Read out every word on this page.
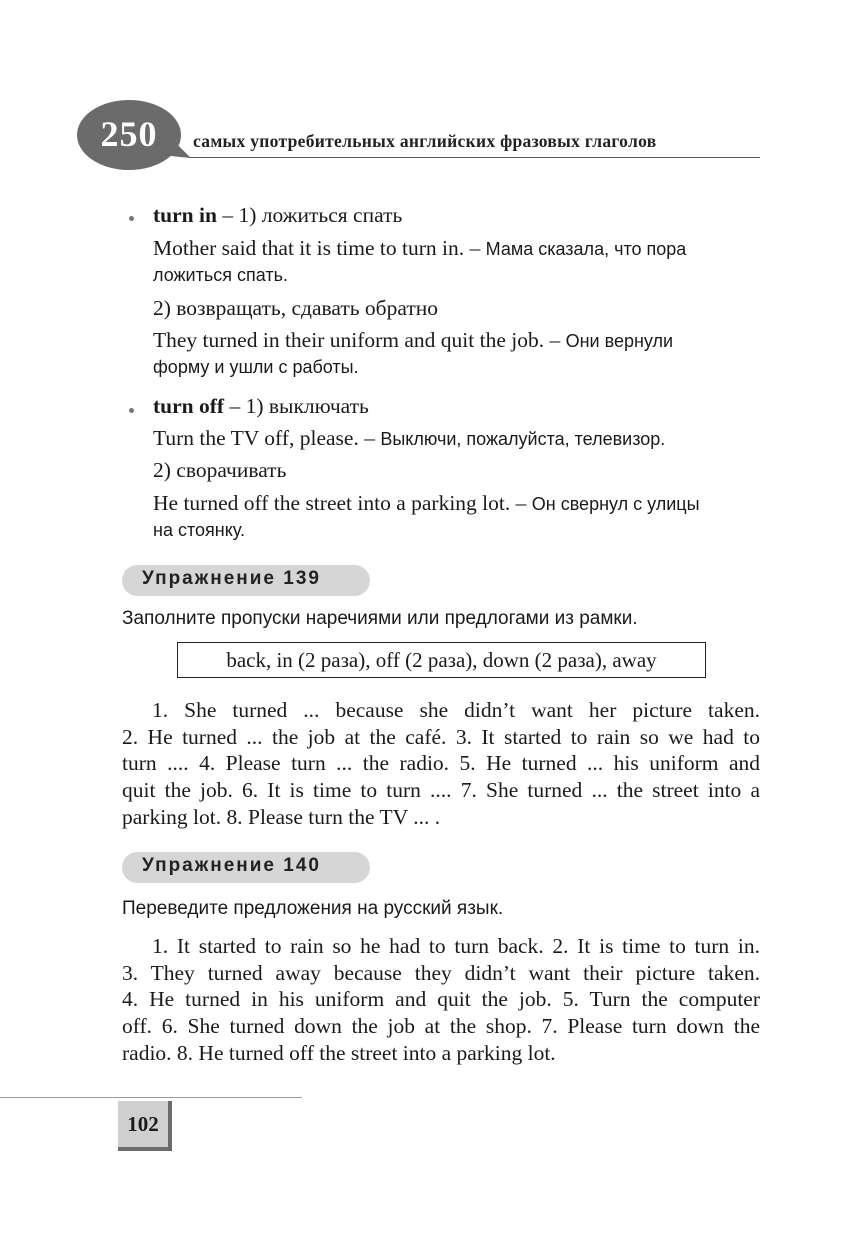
250	самых употребительных английских фразовых глаголов
turn in – 1) ложиться спать
Mother said that it is time to turn in. – Мама сказала, что пора
ложиться спать.
2) возвращать, сдавать обратно
They turned in their uniform and quit the job. – Они вернули
форму и ушли с работы.
turn off – 1) выключать
Turn the TV off, please. – Выключи, пожалуйста, телевизор.
2) сворачивать
He turned off the street into a parking lot. – Он свернул с улицы
на стоянку.
Упражнение 139
Заполните пропуски наречиями или предлогами из рамки.
back, in (2 раза), off (2 раза), down (2 раза), away
1. She turned ... because she didn’t want her picture taken.
2. He turned ... the job at the café. 3. It started to rain so we had to
turn .... 4. Please turn ... the radio. 5. He turned ... his uniform and
quit the job. 6. It is time to turn .... 7. She turned ... the street into a
parking lot. 8. Please turn the TV ... .
Упражнение 140
Переведите предложения на русский язык.
1. It started to rain so he had to turn back. 2. It is time to turn in.
3. They turned away because they didn’t want their picture taken.
4. He turned in his uniform and quit the job. 5. Turn the computer
off. 6. She turned down the job at the shop. 7. Please turn down the
radio. 8. He turned off the street into a parking lot.
102
